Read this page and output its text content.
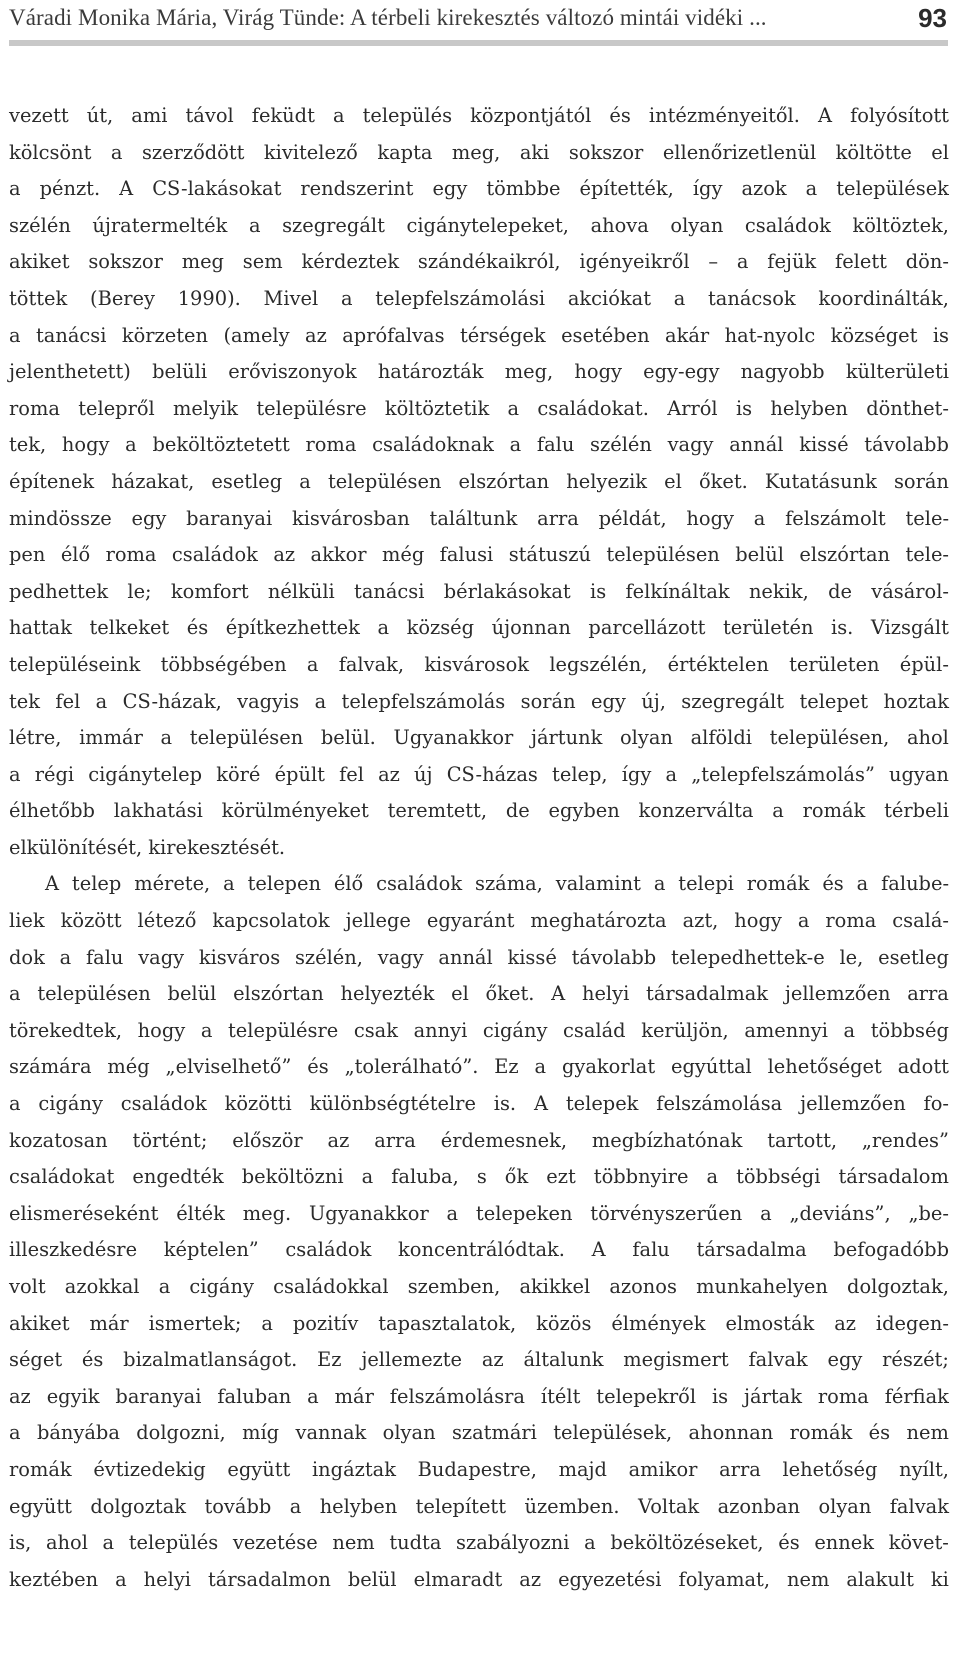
Váradi Monika Mária, Virág Tünde: A térbeli kirekesztés változó mintái vidéki ...	93
vezett út, ami távol feküdt a település központjától és intézményeitől. A folyósított
kölcsönt a szerződött kivitelező kapta meg, aki sokszor ellenőrizetlenül költötte el
a pénzt. A CS-lakásokat rendszerint egy tömbbe építették, így azok a települések
szélén újratermelték a szegregált cigánytelepeket, ahova olyan családok költöztek,
akiket sokszor meg sem kérdeztek szándékaikról, igényeikről – a fejük felett dön-
töttek (Berey 1990). Mivel a telepfelszámolási akciókat a tanácsok koordinálták,
a tanácsi körzeten (amely az aprófalvas térségek esetében akár hat-nyolc községet is
jelenthetett) belüli erőviszonyok határozták meg, hogy egy-egy nagyobb külterületi
roma telepről melyik településre költöztetik a családokat. Arról is helyben dönthet-
tek, hogy a beköltöztetett roma családoknak a falu szélén vagy annál kissé távolabb
építenek házakat, esetleg a településen elszórtan helyezik el őket. Kutatásunk során
mindössze egy baranyai kisvárosban találtunk arra példát, hogy a felszámolt tele-
pen élő roma családok az akkor még falusi státuszú településen belül elszórtan tele-
pedhettek le; komfort nélküli tanácsi bérlakásokat is felkínáltak nekik, de vásárol-
hattak telkeket és építkezhettek a község újonnan parcellázott területén is. Vizsgált
településeink többségében a falvak, kisvárosok legszélén, értéktelen területen épül-
tek fel a CS-házak, vagyis a telepfelszámolás során egy új, szegregált telepet hoztak
létre, immár a településen belül. Ugyanakkor jártunk olyan alföldi településen, ahol
a régi cigánytelep köré épült fel az új CS-házas telep, így a „telepfelszámolás” ugyan
élhetőbb lakhatási körülményeket teremtett, de egyben konzerválta a romák térbeli
elkülönítését, kirekesztését.
A telep mérete, a telepen élő családok száma, valamint a telepi romák és a falube-
liek között létező kapcsolatok jellege egyaránt meghatározta azt, hogy a roma csalá-
dok a falu vagy kisváros szélén, vagy annál kissé távolabb telepedhettek-e le, esetleg
a településen belül elszórtan helyezték el őket. A helyi társadalmak jellemzően arra
törekedtek, hogy a településre csak annyi cigány család kerüljön, amennyi a többség
számára még „elviselhető” és „tolerálható”. Ez a gyakorlat egyúttal lehetőséget adott
a cigány családok közötti különbségtételre is. A telepek felszámolása jellemzően fo-
kozatosan történt; először az arra érdemesnek, megbízhatónak tartott, „rendes”
családokat engedték beköltözni a faluba, s ők ezt többnyire a többségi társadalom
elismeréseként élték meg. Ugyanakkor a telepeken törvényszerűen a „deviáns”, „be-
illeszkedésre képtelen” családok koncentrálódtak. A falu társadalma befogadóbb
volt azokkal a cigány családokkal szemben, akikkel azonos munkahelyen dolgoztak,
akiket már ismertek; a pozitív tapasztalatok, közös élmények elmosták az idegen-
séget és bizalmatlanságot. Ez jellemezte az általunk megismert falvak egy részét;
az egyik baranyai faluban a már felszámolásra ítélt telepekről is jártak roma férfiak
a bányába dolgozni, míg vannak olyan szatmári települések, ahonnan romák és nem
romák évtizedekig együtt ingáztak Budapestre, majd amikor arra lehetőség nyílt,
együtt dolgoztak tovább a helyben telepített üzemben. Voltak azonban olyan falvak
is, ahol a település vezetése nem tudta szabályozni a beköltözéseket, és ennek követ-
keztében a helyi társadalmon belül elmaradt az egyezetési folyamat, nem alakult ki
